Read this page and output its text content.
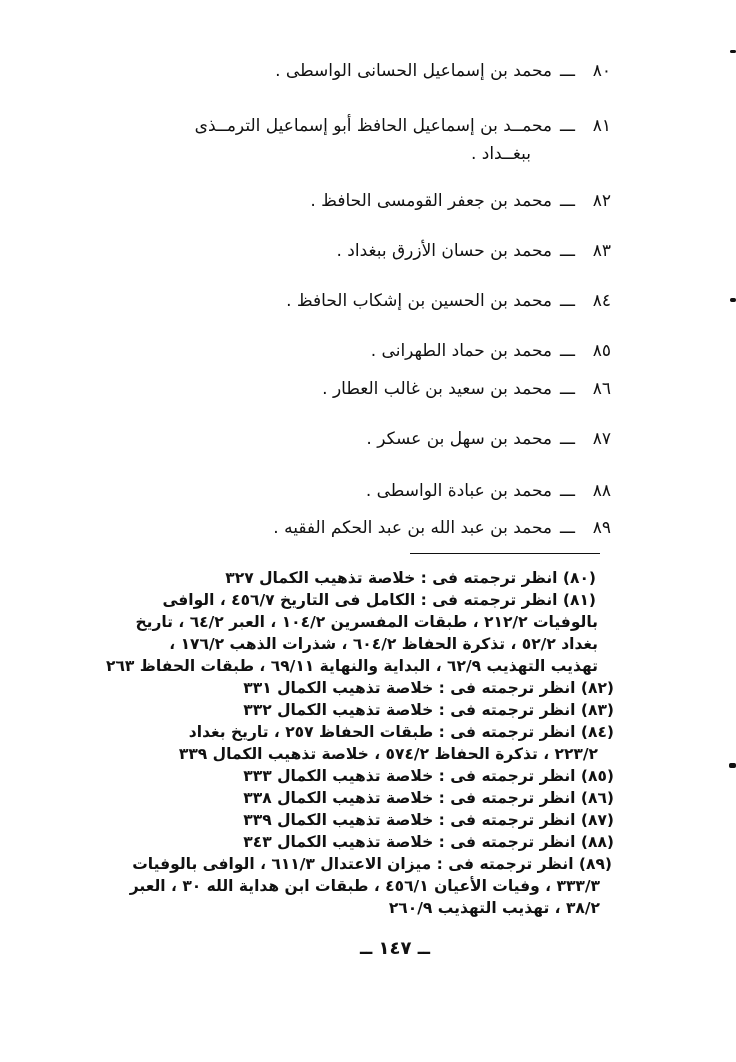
٨٠ـــمحمد بن إسماعيل الحسانى الواسطى .
٨١ـــمحمــد بن إسماعيل الحافظ أبو إسماعيل الترمــذى
ببغــداد .
٨٢ـــمحمد بن جعفر القومسى الحافظ .
٨٣ـــمحمد بن حسان الأزرق ببغداد .
٨٤ـــمحمد بن الحسين بن إشكاب الحافظ .
٨٥ـــمحمد بن حماد الطهرانى .
٨٦ـــمحمد بن سعيد بن غالب العطار .
٨٧ـــمحمد بن سهل بن عسكر .
٨٨ـــمحمد بن عبادة الواسطى .
٨٩ـــمحمد بن عبد الله بن عبد الحكم الفقيه .
(٨٠) انظر ترجمته فى : خلاصة تذهيب الكمال ٣٢٧
(٨١) انظر ترجمته فى : الكامل فى التاريخ ٤٥٦/٧ ، الوافى
بالوفيات ٢١٢/٢ ، طبقات المفسرين ١٠٤/٢ ، العبر ٦٤/٢ ، تاريخ
بغداد ٥٢/٢ ، تذكرة الحفاظ ٦٠٤/٢ ، شذرات الذهب ١٧٦/٢ ،
تهذيب التهذيب ٦٢/٩ ، البداية والنهاية ٦٩/١١ ، طبقات الحفاظ ٢٦٣
(٨٢) انظر ترجمته فى : خلاصة تذهيب الكمال ٣٣١
(٨٣) انظر ترجمته فى : خلاصة تذهيب الكمال ٣٣٢
(٨٤) انظر ترجمته فى : طبقات الحفاظ ٢٥٧ ، تاريخ بغداد
٢٢٣/٢ ، تذكرة الحفاظ ٥٧٤/٢ ، خلاصة تذهيب الكمال ٣٣٩
(٨٥) انظر ترجمته فى : خلاصة تذهيب الكمال ٣٣٣
(٨٦) انظر ترجمته فى : خلاصة تذهيب الكمال ٣٣٨
(٨٧) انظر ترجمته فى : خلاصة تذهيب الكمال ٣٣٩
(٨٨) انظر ترجمته فى : خلاصة تذهيب الكمال ٣٤٣
(٨٩) انظر ترجمته فى : ميزان الاعتدال ٦١١/٣ ، الوافى بالوفيات
٣٣٣/٣ ، وفيات الأعيان ٤٥٦/١ ، طبقات ابن هداية الله ٣٠ ، العبر
٣٨/٢ ، تهذيب التهذيب ٢٦٠/٩
ــ ١٤٧ ــ
